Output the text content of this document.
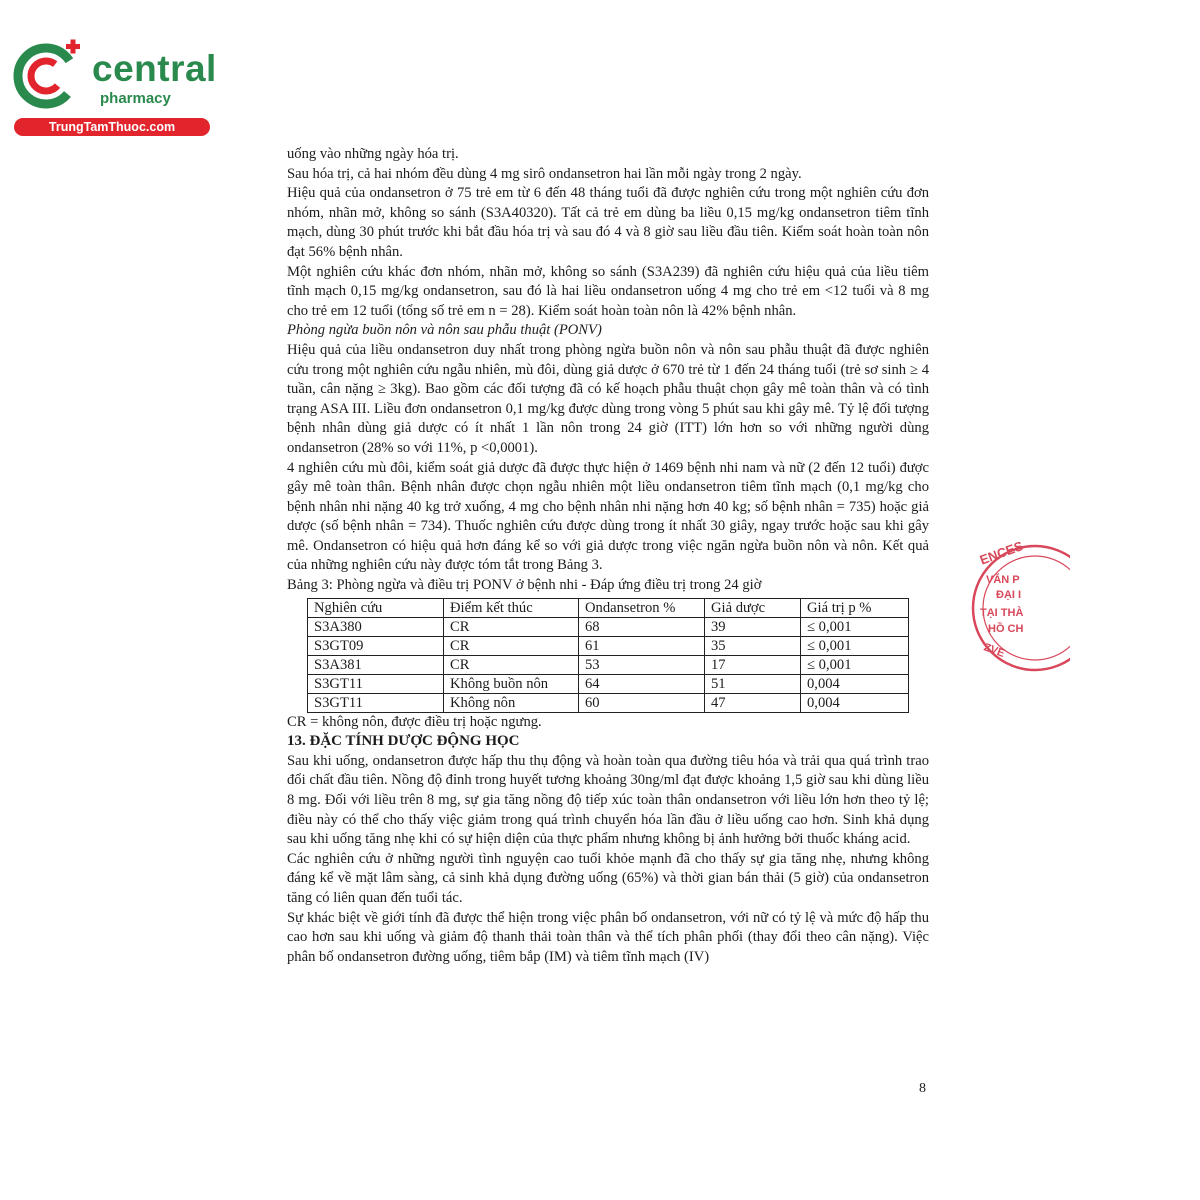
central
pharmacy
TrungTamThuoc.com

uống vào những ngày hóa trị.

Sau hóa trị, cả hai nhóm đều dùng 4 mg sirô ondansetron hai lần mỗi ngày trong 2 ngày.

Hiệu quả của ondansetron ở 75 trẻ em từ 6 đến 48 tháng tuổi đã được nghiên cứu trong một nghiên cứu đơn nhóm, nhãn mở, không so sánh (S3A40320). Tất cả trẻ em dùng ba liều 0,15 mg/kg ondansetron tiêm tĩnh mạch, dùng 30 phút trước khi bắt đầu hóa trị và sau đó 4 và 8 giờ sau liều đầu tiên. Kiểm soát hoàn toàn nôn đạt 56% bệnh nhân.

Một nghiên cứu khác đơn nhóm, nhãn mở, không so sánh (S3A239) đã nghiên cứu hiệu quả của liều tiêm tĩnh mạch 0,15 mg/kg ondansetron, sau đó là hai liều ondansetron uống 4 mg cho trẻ em <12 tuổi và 8 mg cho trẻ em 12 tuổi (tổng số trẻ em n = 28). Kiểm soát hoàn toàn nôn là 42% bệnh nhân.

Phòng ngừa buồn nôn và nôn sau phẫu thuật (PONV)

Hiệu quả của liều ondansetron duy nhất trong phòng ngừa buồn nôn và nôn sau phẫu thuật đã được nghiên cứu trong một nghiên cứu ngẫu nhiên, mù đôi, dùng giả dược ở 670 trẻ từ 1 đến 24 tháng tuổi (trẻ sơ sinh ≥ 4 tuần, cân nặng ≥ 3kg). Bao gồm các đối tượng đã có kế hoạch phẫu thuật chọn gây mê toàn thân và có tình trạng ASA III. Liều đơn ondansetron 0,1 mg/kg được dùng trong vòng 5 phút sau khi gây mê. Tỷ lệ đối tượng bệnh nhân dùng giả dược có ít nhất 1 lần nôn trong 24 giờ (ITT) lớn hơn so với những người dùng ondansetron (28% so với 11%, p <0,0001).

4 nghiên cứu mù đôi, kiểm soát giả dược đã được thực hiện ở 1469 bệnh nhi nam và nữ (2 đến 12 tuổi) được gây mê toàn thân. Bệnh nhân được chọn ngẫu nhiên một liều ondansetron tiêm tĩnh mạch (0,1 mg/kg cho bệnh nhân nhi nặng 40 kg trở xuống, 4 mg cho bệnh nhân nhi nặng hơn 40 kg; số bệnh nhân = 735) hoặc giả dược (số bệnh nhân = 734). Thuốc nghiên cứu được dùng trong ít nhất 30 giây, ngay trước hoặc sau khi gây mê. Ondansetron có hiệu quả hơn đáng kể so với giả dược trong việc ngăn ngừa buồn nôn và nôn. Kết quả của những nghiên cứu này được tóm tắt trong Bảng 3.

Bảng 3: Phòng ngừa và điều trị PONV ở bệnh nhi - Đáp ứng điều trị trong 24 giờ

Nghiên cứu	Điểm kết thúc	Ondansetron %	Giả dược	Giá trị p %
S3A380	CR	68	39	≤ 0,001
S3GT09	CR	61	35	≤ 0,001
S3A381	CR	53	17	≤ 0,001
S3GT11	Không buồn nôn	64	51	0,004
S3GT11	Không nôn	60	47	0,004

CR = không nôn, được điều trị hoặc ngưng.

13. ĐẶC TÍNH DƯỢC ĐỘNG HỌC

Sau khi uống, ondansetron được hấp thu thụ động và hoàn toàn qua đường tiêu hóa và trải qua quá trình trao đổi chất đầu tiên. Nồng độ đỉnh trong huyết tương khoảng 30ng/ml đạt được khoảng 1,5 giờ sau khi dùng liều 8 mg. Đối với liều trên 8 mg, sự gia tăng nồng độ tiếp xúc toàn thân ondansetron với liều lớn hơn theo tỷ lệ; điều này có thể cho thấy việc giảm trong quá trình chuyển hóa lần đầu ở liều uống cao hơn. Sinh khả dụng sau khi uống tăng nhẹ khi có sự hiện diện của thực phẩm nhưng không bị ảnh hưởng bởi thuốc kháng acid.

Các nghiên cứu ở những người tình nguyện cao tuổi khỏe mạnh đã cho thấy sự gia tăng nhẹ, nhưng không đáng kể về mặt lâm sàng, cả sinh khả dụng đường uống (65%) và thời gian bán thải (5 giờ) của ondansetron tăng có liên quan đến tuổi tác.

Sự khác biệt về giới tính đã được thể hiện trong việc phân bố ondansetron, với nữ có tỷ lệ và mức độ hấp thu cao hơn sau khi uống và giảm độ thanh thải toàn thân và thể tích phân phối (thay đổi theo cân nặng). Việc phân bố ondansetron đường uống, tiêm bắp (IM) và tiêm tĩnh mạch (IV)

ENCES
VĂN P
ĐẠI I
TẠI THÀ
HỒ CH
ZVE
8
